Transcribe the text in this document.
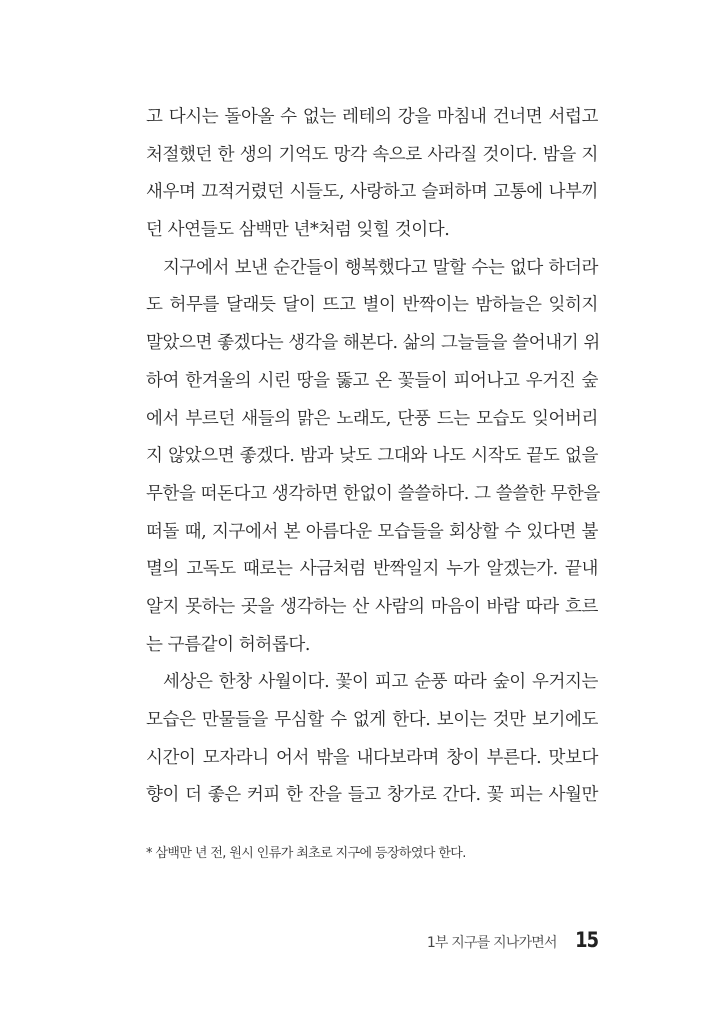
고 다시는 돌아올 수 없는 레테의 강을 마침내 건너면 서럽고
처절했던 한 생의 기억도 망각 속으로 사라질 것이다. 밤을 지
새우며 끄적거렸던 시들도, 사랑하고 슬퍼하며 고통에 나부끼
던 사연들도 삼백만 년*처럼 잊힐 것이다.
지구에서 보낸 순간들이 행복했다고 말할 수는 없다 하더라
도 허무를 달래듯 달이 뜨고 별이 반짝이는 밤하늘은 잊히지
말았으면 좋겠다는 생각을 해본다. 삶의 그늘들을 쓸어내기 위
하여 한겨울의 시린 땅을 뚫고 온 꽃들이 피어나고 우거진 숲
에서 부르던 새들의 맑은 노래도, 단풍 드는 모습도 잊어버리
지 않았으면 좋겠다. 밤과 낮도 그대와 나도 시작도 끝도 없을
무한을 떠돈다고 생각하면 한없이 쓸쓸하다. 그 쓸쓸한 무한을
떠돌 때, 지구에서 본 아름다운 모습들을 회상할 수 있다면 불
멸의 고독도 때로는 사금처럼 반짝일지 누가 알겠는가. 끝내
알지 못하는 곳을 생각하는 산 사람의 마음이 바람 따라 흐르
는 구름같이 허허롭다.
세상은 한창 사월이다. 꽃이 피고 순풍 따라 숲이 우거지는
모습은 만물들을 무심할 수 없게 한다. 보이는 것만 보기에도
시간이 모자라니 어서 밖을 내다보라며 창이 부른다. 맛보다
향이 더 좋은 커피 한 잔을 들고 창가로 간다. 꽃 피는 사월만
* 삼백만 년 전, 원시 인류가 최초로 지구에 등장하였다 한다.
1부 지구를 지나가면서 15
